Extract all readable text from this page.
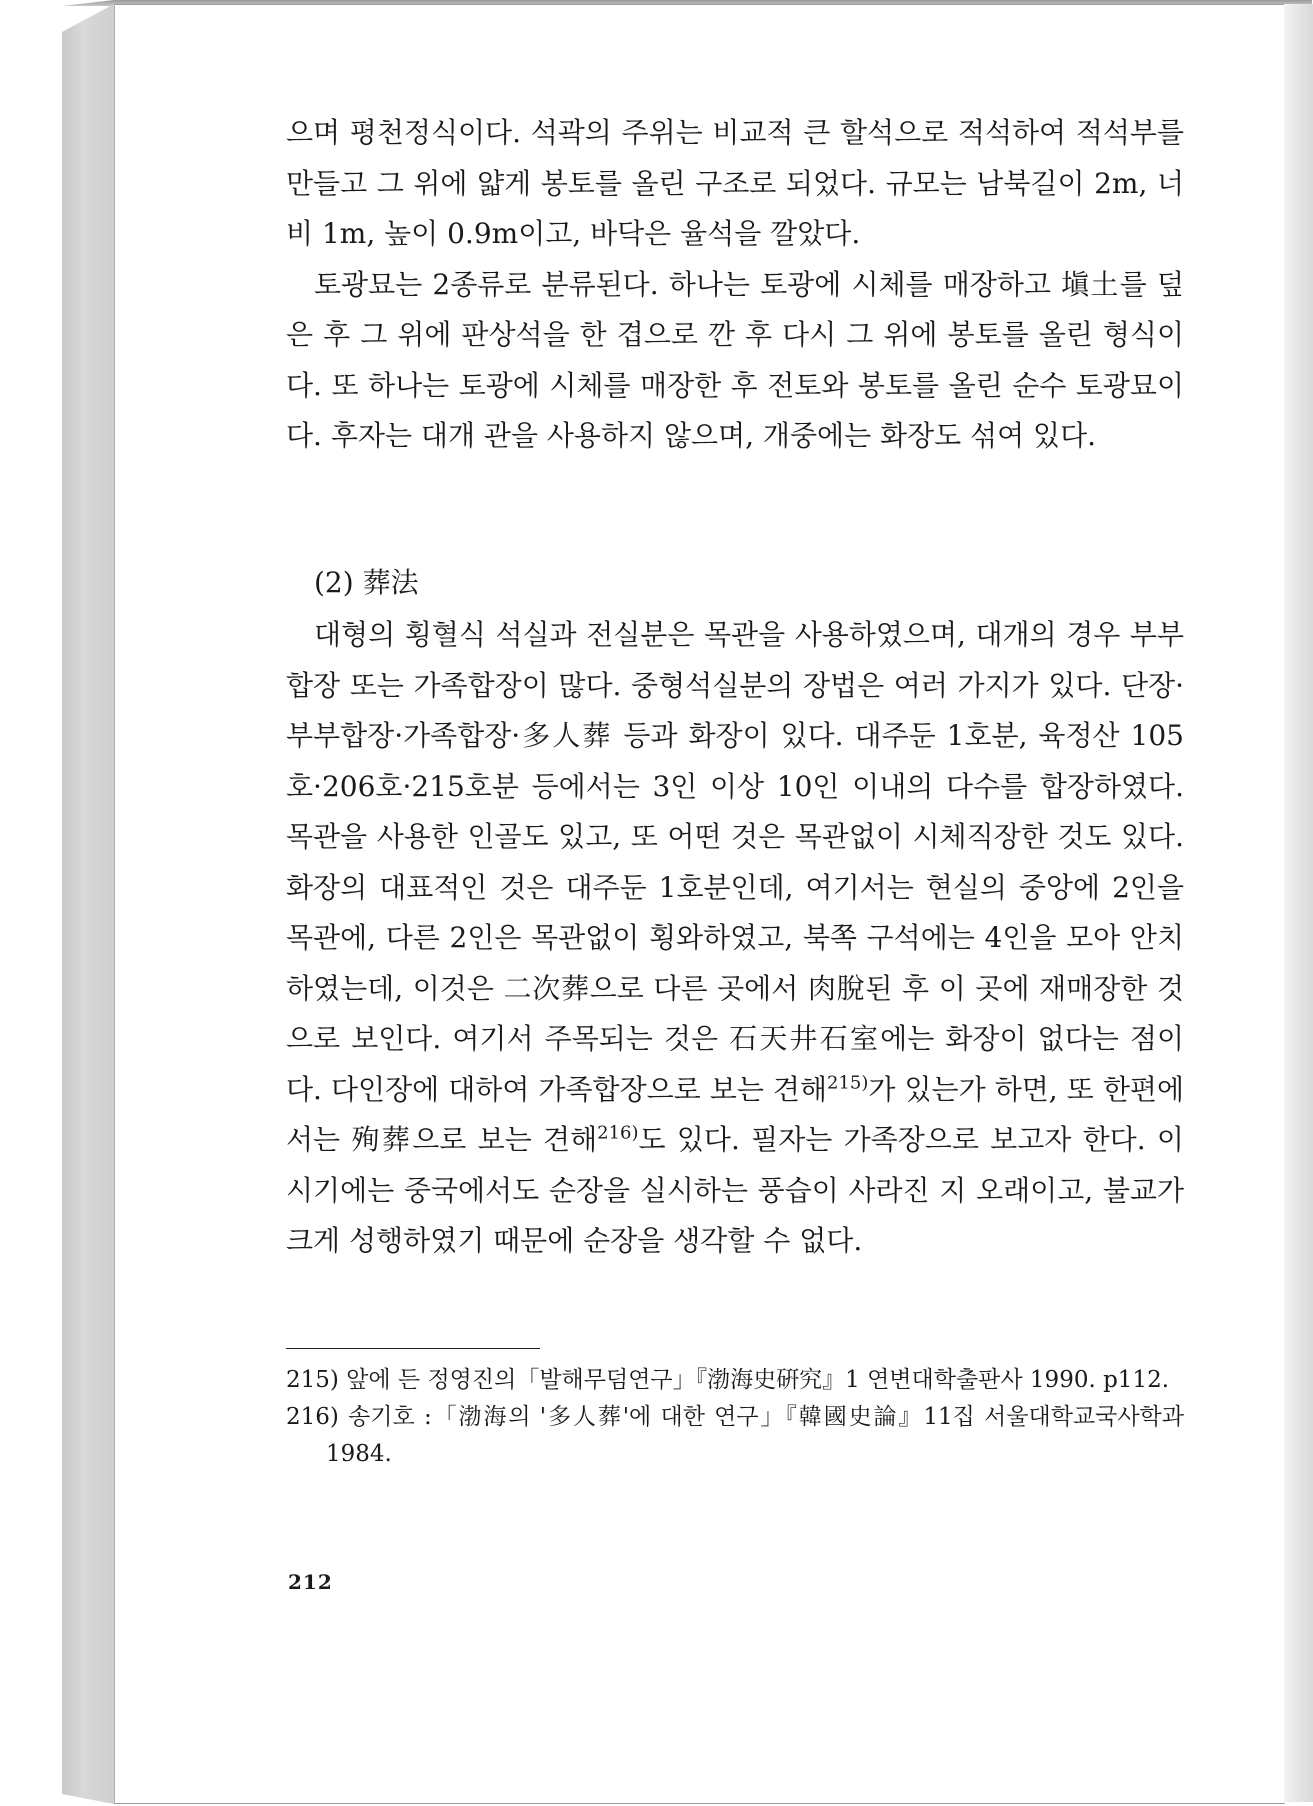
으며 평천정식이다. 석곽의 주위는 비교적 큰 할석으로 적석하여 적석부를 만들고 그 위에 얇게 봉토를 올린 구조로 되었다. 규모는 남북길이 2m, 너비 1m, 높이 0.9m이고, 바닥은 율석을 깔았다.

토광묘는 2종류로 분류된다. 하나는 토광에 시체를 매장하고 塡土를 덮은 후 그 위에 판상석을 한 겹으로 깐 후 다시 그 위에 봉토를 올린 형식이다. 또 하나는 토광에 시체를 매장한 후 전토와 봉토를 올린 순수 토광묘이다. 후자는 대개 관을 사용하지 않으며, 개중에는 화장도 섞여 있다.

(2) 葬法

대형의 횡혈식 석실과 전실분은 목관을 사용하였으며, 대개의 경우 부부합장 또는 가족합장이 많다. 중형석실분의 장법은 여러 가지가 있다. 단장·부부합장·가족합장·多人葬 등과 화장이 있다. 대주둔 1호분, 육정산 105호·206호·215호분 등에서는 3인 이상 10인 이내의 다수를 합장하였다. 목관을 사용한 인골도 있고, 또 어떤 것은 목관없이 시체직장한 것도 있다. 화장의 대표적인 것은 대주둔 1호분인데, 여기서는 현실의 중앙에 2인을 목관에, 다른 2인은 목관없이 횡와하였고, 북쪽 구석에는 4인을 모아 안치하였는데, 이것은 二次葬으로 다른 곳에서 肉脫된 후 이 곳에 재매장한 것으로 보인다. 여기서 주목되는 것은 石天井石室에는 화장이 없다는 점이다. 다인장에 대하여 가족합장으로 보는 견해$^{215)}$가 있는가 하면, 또 한편에서는 殉葬으로 보는 견해$^{216)}$도 있다. 필자는 가족장으로 보고자 한다. 이 시기에는 중국에서도 순장을 실시하는 풍습이 사라진 지 오래이고, 불교가 크게 성행하였기 때문에 순장을 생각할 수 없다.

215) 앞에 든 정영진의「발해무덤연구」『渤海史硏究』1 연변대학출판사 1990. p112.
216) 송기호 :「渤海의 '多人葬'에 대한 연구」『韓國史論』11집 서울대학교국사학과 1984.
212
